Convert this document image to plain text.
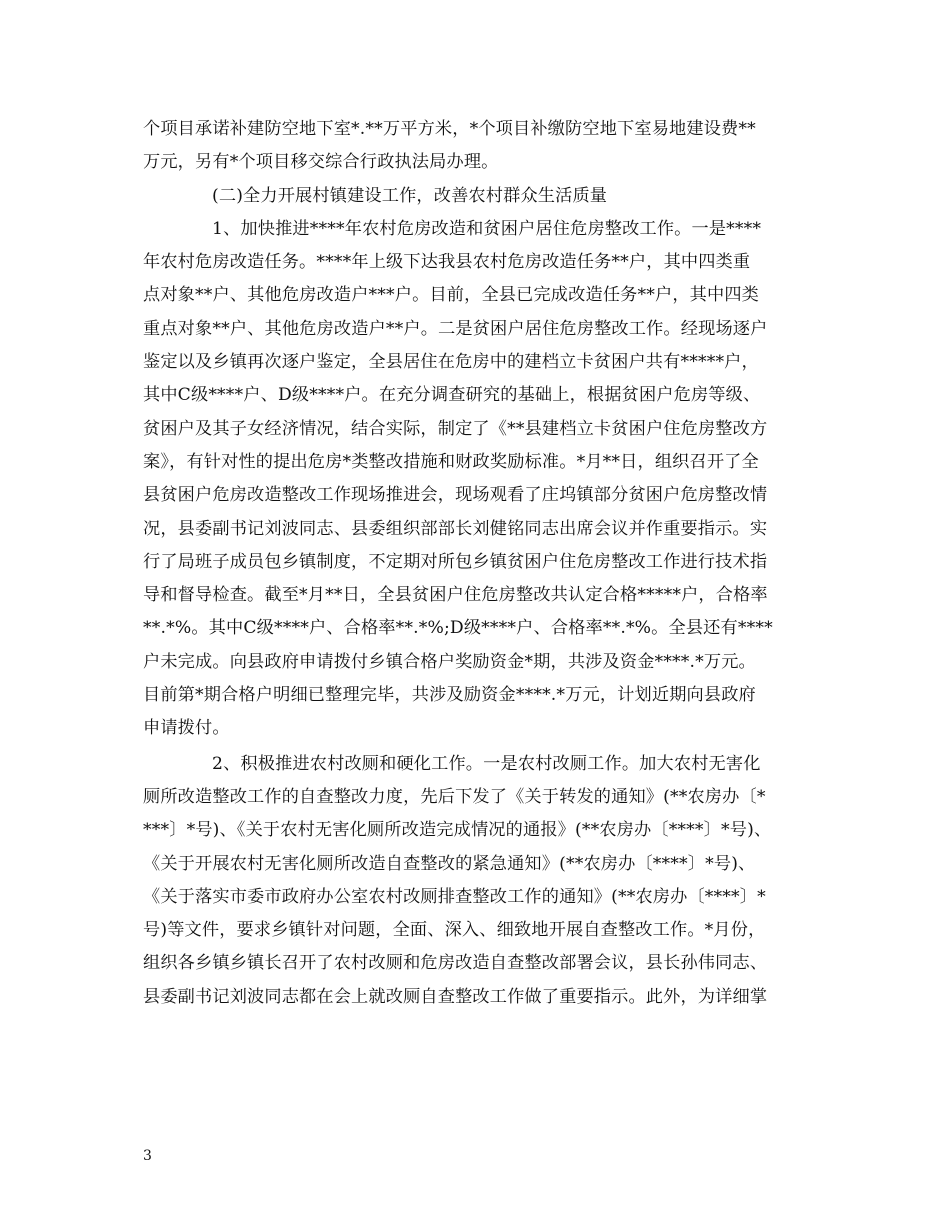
个项目承诺补建防空地下室*.**万平方米，*个项目补缴防空地下室易地建设费**
万元，另有*个项目移交综合行政执法局办理。
(二)全力开展村镇建设工作，改善农村群众生活质量
1、加快推进****年农村危房改造和贫困户居住危房整改工作。一是****
年农村危房改造任务。****年上级下达我县农村危房改造任务**户，其中四类重
点对象**户、其他危房改造户***户。目前，全县已完成改造任务**户，其中四类
重点对象**户、其他危房改造户**户。二是贫困户居住危房整改工作。经现场逐户
鉴定以及乡镇再次逐户鉴定，全县居住在危房中的建档立卡贫困户共有*****户，
其中C级****户、D级****户。在充分调查研究的基础上，根据贫困户危房等级、
贫困户及其子女经济情况，结合实际，制定了《**县建档立卡贫困户住危房整改方
案》，有针对性的提出危房*类整改措施和财政奖励标准。*月**日，组织召开了全
县贫困户危房改造整改工作现场推进会，现场观看了庄坞镇部分贫困户危房整改情
况，县委副书记刘波同志、县委组织部部长刘健铭同志出席会议并作重要指示。实
行了局班子成员包乡镇制度，不定期对所包乡镇贫困户住危房整改工作进行技术指
导和督导检查。截至*月**日，全县贫困户住危房整改共认定合格*****户，合格率
**.*%。其中C级****户、合格率**.*%;D级****户、合格率**.*%。全县还有****
户未完成。向县政府申请拨付乡镇合格户奖励资金*期，共涉及资金****.*万元。
目前第*期合格户明细已整理完毕，共涉及励资金****.*万元，计划近期向县政府
申请拨付。
2、积极推进农村改厕和硬化工作。一是农村改厕工作。加大农村无害化
厕所改造整改工作的自查整改力度，先后下发了《关于转发的通知》(**农房办〔*
***〕*号)、《关于农村无害化厕所改造完成情况的通报》(**农房办〔****〕*号)、
《关于开展农村无害化厕所改造自查整改的紧急通知》(**农房办〔****〕*号)、
《关于落实市委市政府办公室农村改厕排查整改工作的通知》(**农房办〔****〕*
号)等文件，要求乡镇针对问题，全面、深入、细致地开展自查整改工作。*月份，
组织各乡镇乡镇长召开了农村改厕和危房改造自查整改部署会议，县长孙伟同志、
县委副书记刘波同志都在会上就改厕自查整改工作做了重要指示。此外，为详细掌
3
